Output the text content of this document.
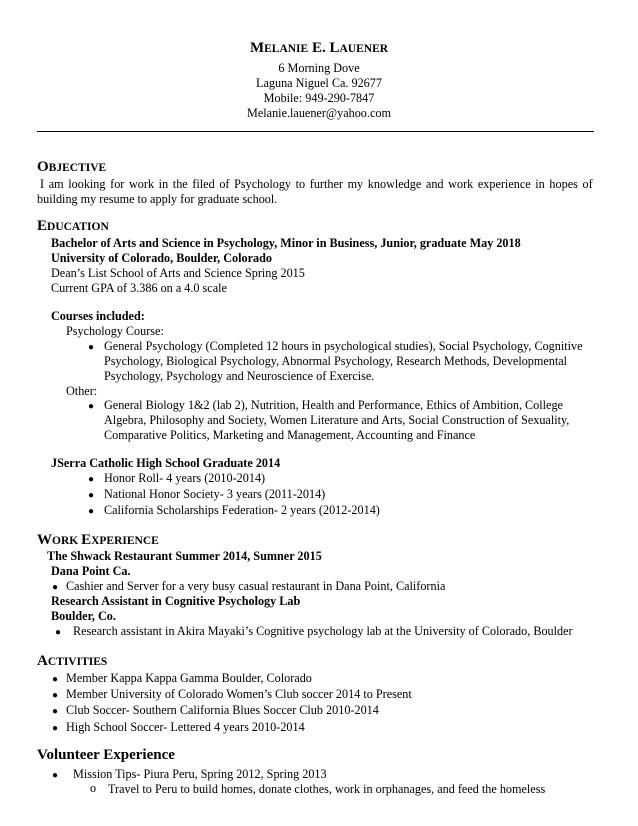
MELANIE E. LAUENER
6 Morning Dove
Laguna Niguel Ca. 92677
Mobile: 949-290-7847
Melanie.lauener@yahoo.com
OBJECTIVE
I am looking for work in the filed of Psychology to further my knowledge and work experience in hopes of
building my resume to apply for graduate school.
EDUCATION
Bachelor of Arts and Science in Psychology, Minor in Business, Junior, graduate May 2018
University of Colorado, Boulder, Colorado
Dean’s List School of Arts and Science Spring 2015
Current GPA of 3.386 on a 4.0 scale
Courses included:
Psychology Course:
● General Psychology (Completed 12 hours in psychological studies), Social Psychology, Cognitive
Psychology, Biological Psychology, Abnormal Psychology, Research Methods, Developmental
Psychology, Psychology and Neuroscience of Exercise.
Other:
● General Biology 1&2 (lab 2), Nutrition, Health and Performance, Ethics of Ambition, College
Algebra, Philosophy and Society, Women Literature and Arts, Social Construction of Sexuality,
Comparative Politics, Marketing and Management, Accounting and Finance
JSerra Catholic High School Graduate 2014
● Honor Roll- 4 years (2010-2014)
● National Honor Society- 3 years (2011-2014)
● California Scholarships Federation- 2 years (2012-2014)
WORK EXPERIENCE
The Shwack Restaurant Summer 2014, Sumner 2015
Dana Point Ca.
● Cashier and Server for a very busy casual restaurant in Dana Point, California
Research Assistant in Cognitive Psychology Lab
Boulder, Co.
● Research assistant in Akira Mayaki’s Cognitive psychology lab at the University of Colorado, Boulder
ACTIVITIES
● Member Kappa Kappa Gamma Boulder, Colorado
● Member University of Colorado Women’s Club soccer 2014 to Present
● Club Soccer- Southern California Blues Soccer Club 2010-2014
● High School Soccer- Lettered 4 years 2010-2014
Volunteer Experience
● Mission Tips- Piura Peru, Spring 2012, Spring 2013
o Travel to Peru to build homes, donate clothes, work in orphanages, and feed the homeless
